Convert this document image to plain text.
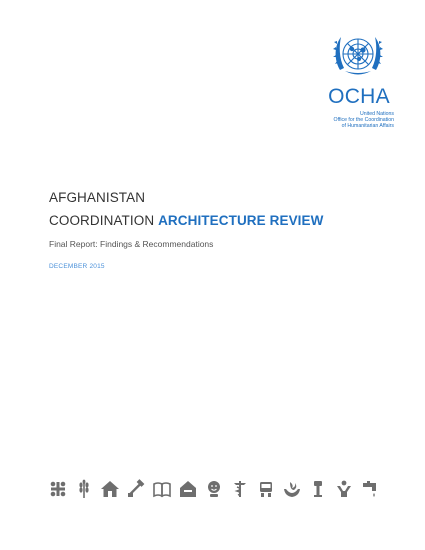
OCHA
United Nations
Office for the Coordination
of Humanitarian Affairs
AFGHANISTAN
COORDINATION ARCHITECTURE REVIEW
Final Report: Findings & Recommendations
DECEMBER 2015
